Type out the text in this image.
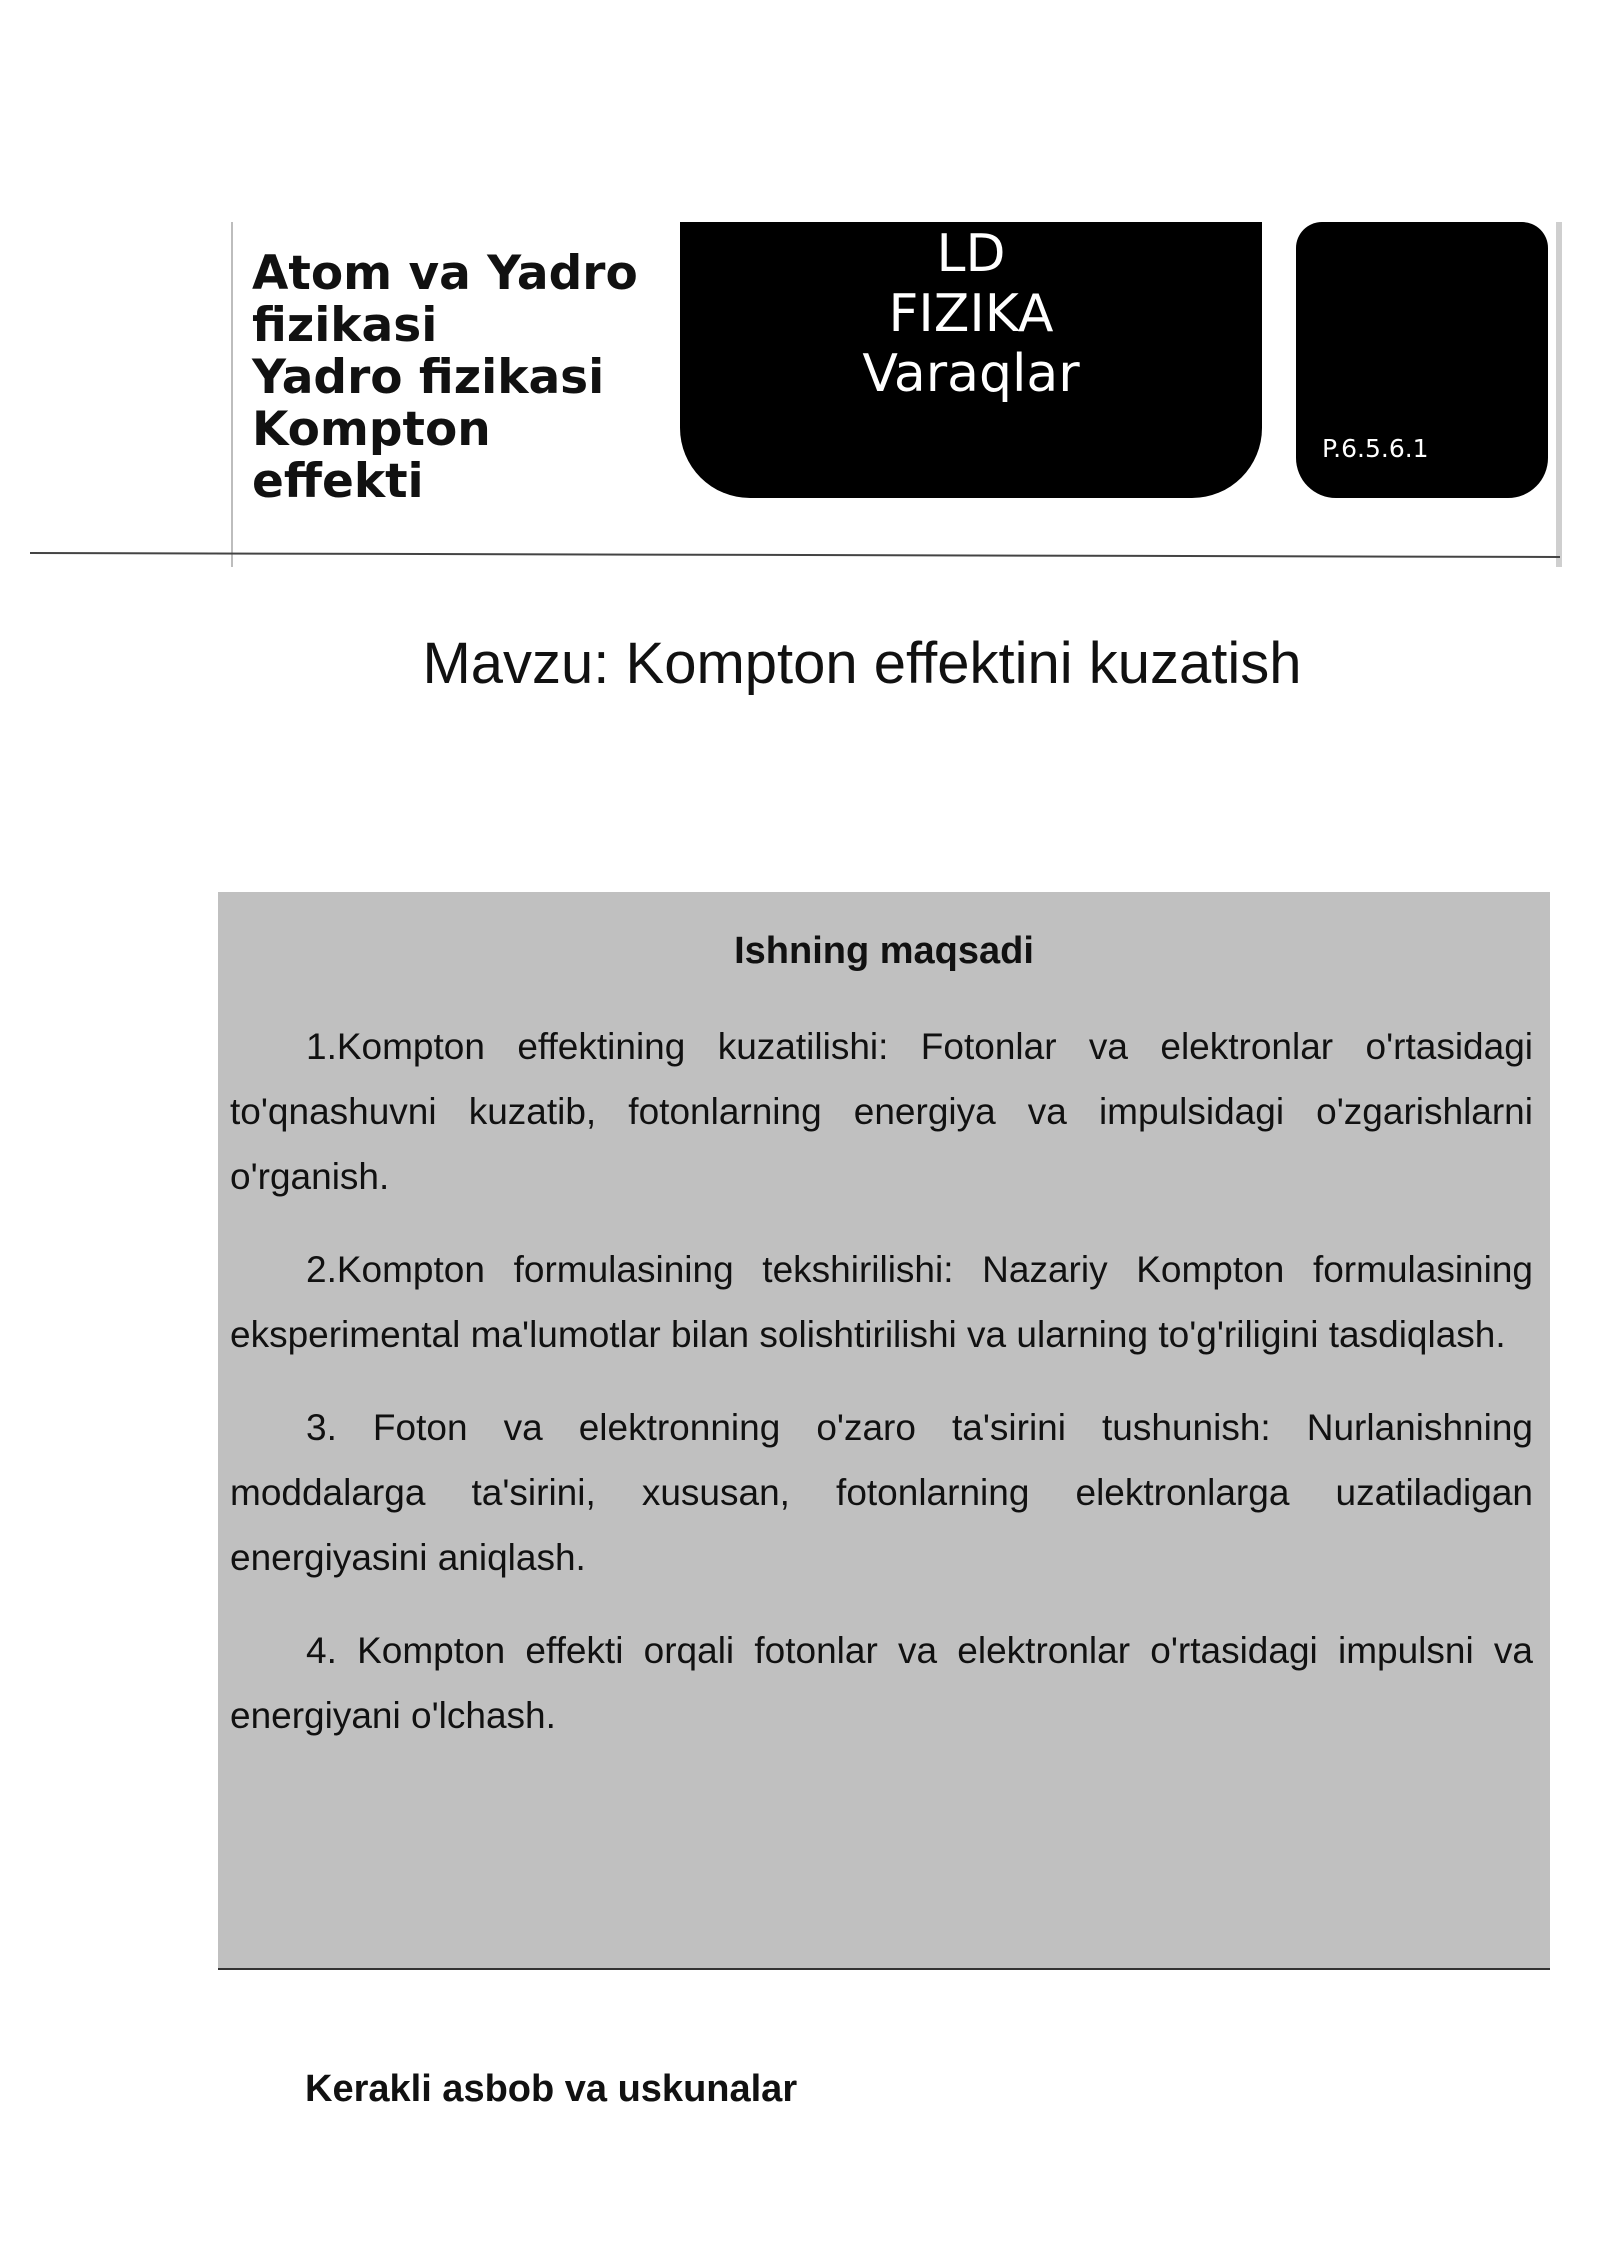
Atom va Yadro
fizikasi
Yadro fizikasi
Kompton
effekti
LD
FIZIKA
Varaqlar
P.6.5.6.1
Mavzu: Kompton effektini kuzatish
Ishning maqsadi

1.Kompton effektining kuzatilishi: Fotonlar va elektronlar o'rtasidagi to'qnashuvni kuzatib, fotonlarning energiya va impulsidagi o'zgarishlarni o'rganish.

2.Kompton formulasining tekshirilishi: Nazariy Kompton formulasining eksperimental ma'lumotlar bilan solishtirilishi va ularning to'g'riligini tasdiqlash.

3. Foton va elektronning o'zaro ta'sirini tushunish: Nurlanishning moddalarga ta'sirini, xususan, fotonlarning elektronlarga uzatiladigan energiyasini aniqlash.

4. Kompton effekti orqali fotonlar va elektronlar o'rtasidagi impulsni va energiyani o'lchash.

Kerakli asbob va uskunalar
